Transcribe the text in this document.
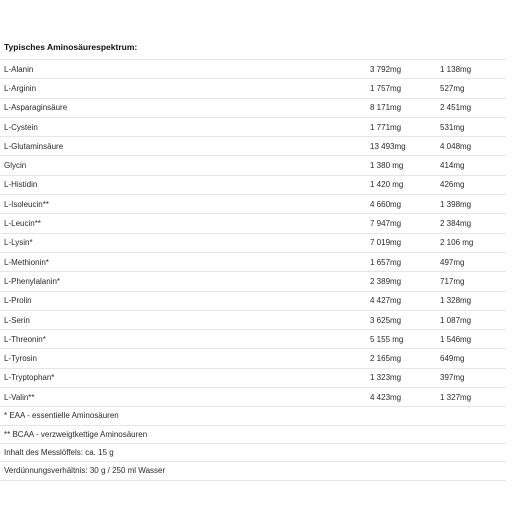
Typisches Aminosäurespektrum:
L-Alanin	3 792mg	1 138mg
L-Arginin	1 757mg	527mg
L-Asparaginsäure	8 171mg	2 451mg
L-Cystein	1 771mg	531mg
L-Glutaminsäure	13 493mg	4 048mg
Glycin	1 380 mg	414mg
L-Histidin	1 420 mg	426mg
L-Isoleucin**	4 660mg	1 398mg
L-Leucin**	7 947mg	2 384mg
L-Lysin*	7 019mg	2 106 mg
L-Methionin*	1 657mg	497mg
L-Phenylalanin*	2 389mg	717mg
L-Prolin	4 427mg	1 328mg
L-Serin	3 625mg	1 087mg
L-Threonin*	5 155 mg	1 546mg
L-Tyrosin	2 165mg	649mg
L-Tryptophan*	1 323mg	397mg
L-Valin**	4 423mg	1 327mg
* EAA - essentielle Aminosäuren
** BCAA - verzweigtkettige Aminosäuren
Inhalt des Messlöffels: ca. 15 g
Verdünnungsverhältnis: 30 g / 250 ml Wasser
